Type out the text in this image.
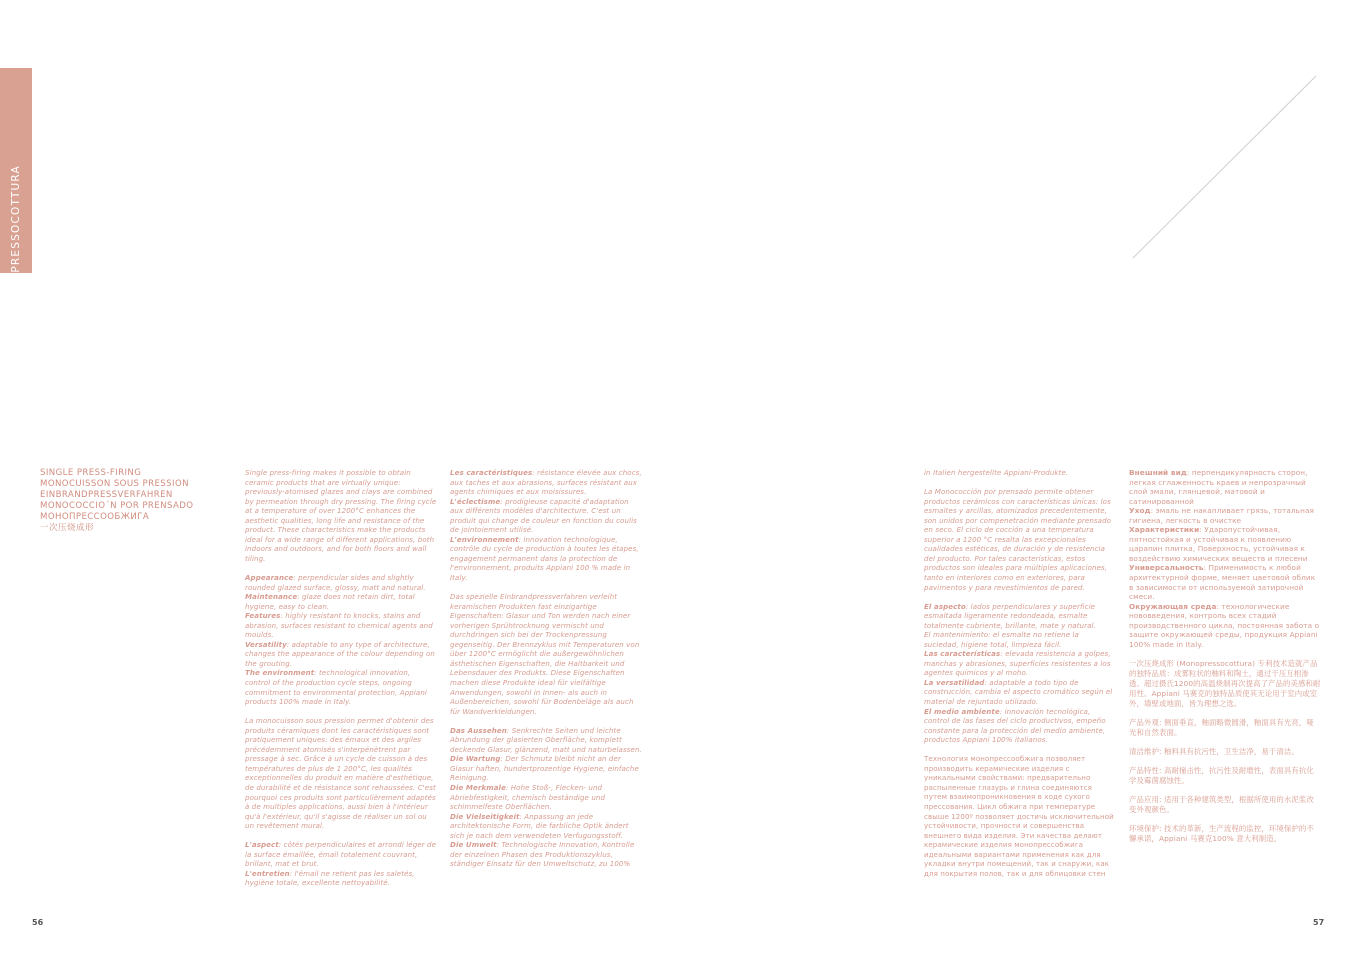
MONOPRESSOCOTTURA
SINGLE PRESS-FIRING
MONOCUISSON SOUS PRESSION
EINBRANDPRESSVERFAHREN
MONOCOCCIO´N POR PRENSADO
МОНОПРЕССООБЖИГА
一次压烧成形

Single press-firing makes it possible to obtain ceramic products that are virtually unique: previously-atomised glazes and clays are combined by permeation through dry pressing. The firing cycle at a temperature of over 1200°C enhances the aesthetic qualities, long life and resistance of the product. These characteristics make the products ideal for a wide range of different applications, both indoors and outdoors, and for both floors and wall tiling.

Appearance: perpendicular sides and slightly rounded glazed surface, glossy, matt and natural.
Maintenance: glaze does not retain dirt, total hygiene, easy to clean.
Features: highly resistant to knocks, stains and abrasion, surfaces resistant to chemical agents and moulds.
Versatility: adaptable to any type of architecture, changes the appearance of the colour depending on the grouting.
The environment: technological innovation, control of the production cycle steps, ongoing commitment to environmental protection, Appiani products 100% made in Italy.

La monocuisson sous pression permet d'obtenir des produits céramiques dont les caractéristiques sont pratiquement uniques: des émaux et des argiles précédemment atomisés s'interpénètrent par pressage à sec. Grâce à un cycle de cuisson à des températures de plus de 1 200°C, les qualités exceptionnelles du produit en matière d'esthétique, de durabilité et de résistance sont rehaussées. C'est pourquoi ces produits sont particulièrement adaptés à de multiples applications, aussi bien à l'intérieur qu'à l'extérieur, qu'il s'agisse de réaliser un sol ou un revêtement mural.

L'aspect: côtés perpendiculaires et arrondi léger de la surface émaillée, émail totalement couvrant, brillant, mat et brut.
L'entretien: l'émail ne retient pas les saletés, hygiène totale, excellente nettoyabilité.

Les caractéristiques: résistance élevée aux chocs, aux taches et aux abrasions, surfaces résistant aux agents chimiques et aux moisissures.
L'éclectisme: prodigieuse capacité d'adaptation aux différents modèles d'architecture. C'est un produit qui change de couleur en fonction du coulis de jointoiement utilisé.
L'environnement: innovation technologique, contrôle du cycle de production à toutes les étapes, engagement permanent dans la protection de l'environnement, produits Appiani 100 % made in Italy.

Das spezielle Einbrandpressverfahren verleiht keramischen Produkten fast einzigartige Eigenschaften: Glasur und Ton werden nach einer vorherigen Sprühtrocknung vermischt und durchdringen sich bei der Trockenpressung gegenseitig. Der Brennzyklus mit Temperaturen von über 1200°C ermöglicht die außergewöhnlichen ästhetischen Eigenschaften, die Haltbarkeit und Lebensdauer des Produkts. Diese Eigenschaften machen diese Produkte ideal für vielfältige Anwendungen, sowohl in Innen- als auch in Außenbereichen, sowohl für Bodenbeläge als auch für Wandverkleidungen.

Das Aussehen: Senkrechte Seiten und leichte Abrundung der glasierten Oberfläche, komplett deckende Glasur, glänzend, matt und naturbelassen.
Die Wartung: Der Schmutz bleibt nicht an der Glasur haften, hundertprozentige Hygiene, einfache Reinigung.
Die Merkmale: Hohe Stoß-, Flecken- und Abriebfestigkeit, chemisch beständige und schimmelfeste Oberflächen.
Die Vielseitigkeit: Anpassung an jede architektonische Form, die farbliche Optik ändert sich je nach dem verwendeten Verfugungsstoff.
Die Umwelt: Technologische Innovation, Kontrolle der einzelnen Phasen des Produktionszyklus, ständiger Einsatz für den Umweltschutz, zu 100%

in Italien hergestellte Appiani-Produkte.

La Monococción por prensado permite obtener productos cerámicos con características únicas: los esmaltes y arcillas, atomizados precedentemente, son unidos por compenetración mediante prensado en seco. El ciclo de cocción a una temperatura superior a 1200 °C resalta las excepcionales cualidades estéticas, de duración y de resistencia del producto. Por tales características, estos productos son ideales para múltiples aplicaciones, tanto en interiores como en exteriores, para pavimentos y para revestimientos de pared.

El aspecto: lados perpendiculares y superficie esmaltada ligeramente redondeada, esmalte totalmente cubriente, brillante, mate y natural.
El mantenimiento: el esmalte no retiene la suciedad, higiene total, limpieza fácil.
Las características: elevada resistencia a golpes, manchas y abrasiones, superficies resistentes a los agentes químicos y al moho.
La versatilidad: adaptable a todo tipo de construcción, cambia el aspecto cromático según el material de rejuntado utilizado.
El medio ambiente: innovación tecnológica, control de las fases del ciclo productivos, empeño constante para la protección del medio ambiente, productos Appiani 100% italianos.

Технология монопрессообжига позволяет производить керамические изделия с уникальными свойствами: предварительно распыленные глазурь и глина соединяются путем взаимопроникновения в ходе сухого прессования. Цикл обжига при температуре свыше 1200º позволяет достичь исключительной устойчивости, прочности и совершенства внешнего вида изделия. Эти качества делают керамические изделия монопрессобжига идеальными вариантами применения как для укладки внутри помещений, так и снаружи, как для покрытия полов, так и для облицовки стен

Внешний вид: перпендикулярность сторон, легкая сглаженность краев и непрозрачный слой эмали, глянцевой, матовой и сатинированной
Уход: эмаль не накапливает грязь, тотальная гигиена, легкость в очистке
Характеристики: Ударопустойчивая, пятностойкая и устойчивая к появлению царапин плитка, Поверхность, устойчивая к воздействию химических веществ и плесени
Универсальность: Применимость к любой архитектурной форме, меняет цветовой облик в зависимости от используемой затирочной смеси.
Окружающая среда: технологические нововведения, контроль всех стадий производственного цикла, постоянная забота о защите окружающей среды, продукция Appiani 100% made in Italy.

一次压烧成形 (Monopressocottura) 专利技术造就产品的独特品质：成雾粒状的釉料和陶土，通过干压互相渗透。超过摄氏1200的高温烧制再次提高了产品的美感和耐用性。Appiani 马赛克的独特品质使其无论用于室内或室外，墙壁或地面，皆为理想之选。

产品外观: 侧面垂直，釉面略微圆滑，釉面具有光亮，哑光和自然表面。

清洁维护: 釉料具有抗污性，卫生洁净，易于清洁。

产品特性: 高耐撞击性，抗污性及耐磨性，表面具有抗化学及霉菌腐蚀性。

产品应用: 适用于各种建筑类型，根据所使用的水泥浆改变外观颜色。

环境保护: 技术的革新，生产流程的监控，环境保护的不懈承诺，Appiani 马赛克100% 意大利制造。

56	57
